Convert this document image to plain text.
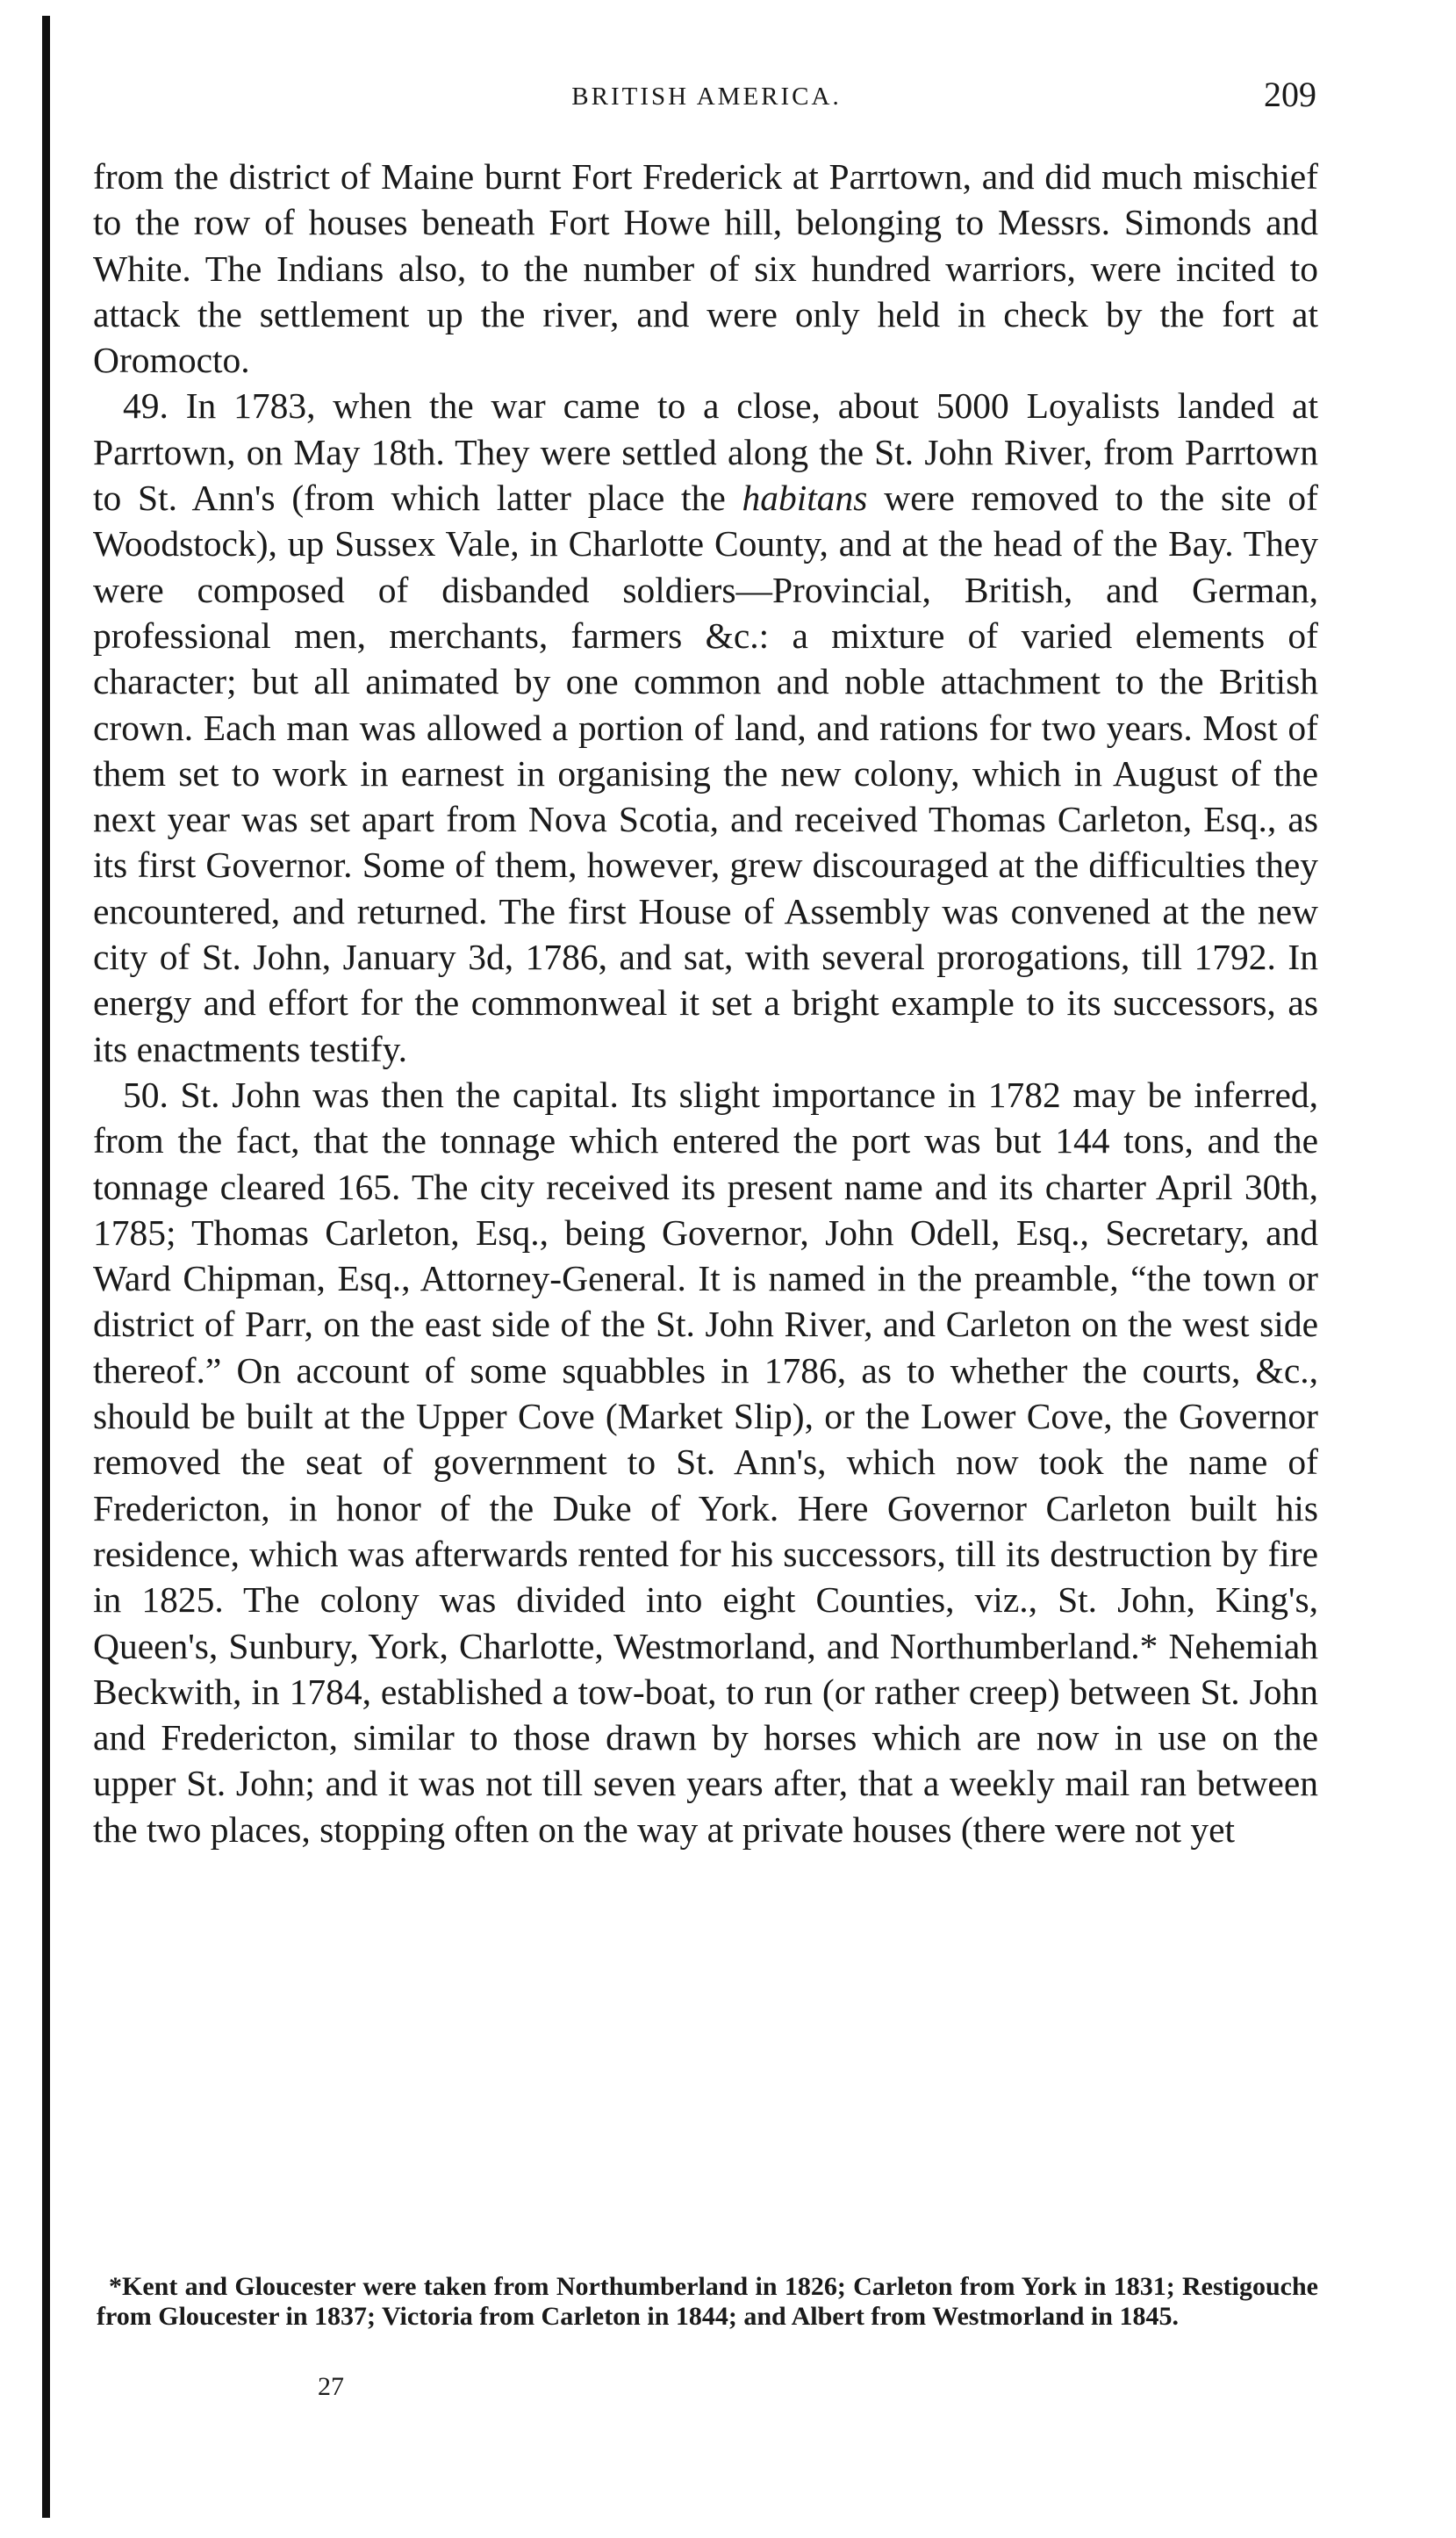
BRITISH AMERICA.	209

from the district of Maine burnt Fort Frederick at Parrtown, and did much mischief to the row of houses beneath Fort Howe hill, belonging to Messrs. Simonds and White. The Indians also, to the number of six hundred warriors, were incited to attack the settlement up the river, and were only held in check by the fort at Oromocto.

49. In 1783, when the war came to a close, about 5000 Loyalists landed at Parrtown, on May 18th. They were settled along the St. John River, from Parrtown to St. Ann's (from which latter place the habitans were removed to the site of Woodstock), up Sussex Vale, in Charlotte County, and at the head of the Bay. They were composed of disbanded soldiers—Provincial, British, and German, professional men, merchants, farmers &c.: a mixture of varied elements of character; but all animated by one common and noble attachment to the British crown. Each man was allowed a portion of land, and rations for two years. Most of them set to work in earnest in organising the new colony, which in August of the next year was set apart from Nova Scotia, and received Thomas Carleton, Esq., as its first Governor. Some of them, however, grew discouraged at the difficulties they encountered, and returned. The first House of Assembly was convened at the new city of St. John, January 3d, 1786, and sat, with several prorogations, till 1792. In energy and effort for the commonweal it set a bright example to its successors, as its enactments testify.

50. St. John was then the capital. Its slight importance in 1782 may be inferred, from the fact, that the tonnage which entered the port was but 144 tons, and the tonnage cleared 165. The city received its present name and its charter April 30th, 1785; Thomas Carleton, Esq., being Governor, John Odell, Esq., Secretary, and Ward Chipman, Esq., Attorney-General. It is named in the preamble, “the town or district of Parr, on the east side of the St. John River, and Carleton on the west side thereof.” On account of some squabbles in 1786, as to whether the courts, &c., should be built at the Upper Cove (Market Slip), or the Lower Cove, the Governor removed the seat of government to St. Ann's, which now took the name of Fredericton, in honor of the Duke of York. Here Governor Carleton built his residence, which was afterwards rented for his successors, till its destruction by fire in 1825. The colony was divided into eight Counties, viz., St. John, King's, Queen's, Sunbury, York, Charlotte, Westmorland, and Northumberland.* Nehemiah Beckwith, in 1784, established a tow-boat, to run (or rather creep) between St. John and Fredericton, similar to those drawn by horses which are now in use on the upper St. John; and it was not till seven years after, that a weekly mail ran between the two places, stopping often on the way at private houses (there were not yet

*Kent and Gloucester were taken from Northumberland in 1826; Carleton from York in 1831; Restigouche from Gloucester in 1837; Victoria from Carleton in 1844; and Albert from Westmorland in 1845.

27
